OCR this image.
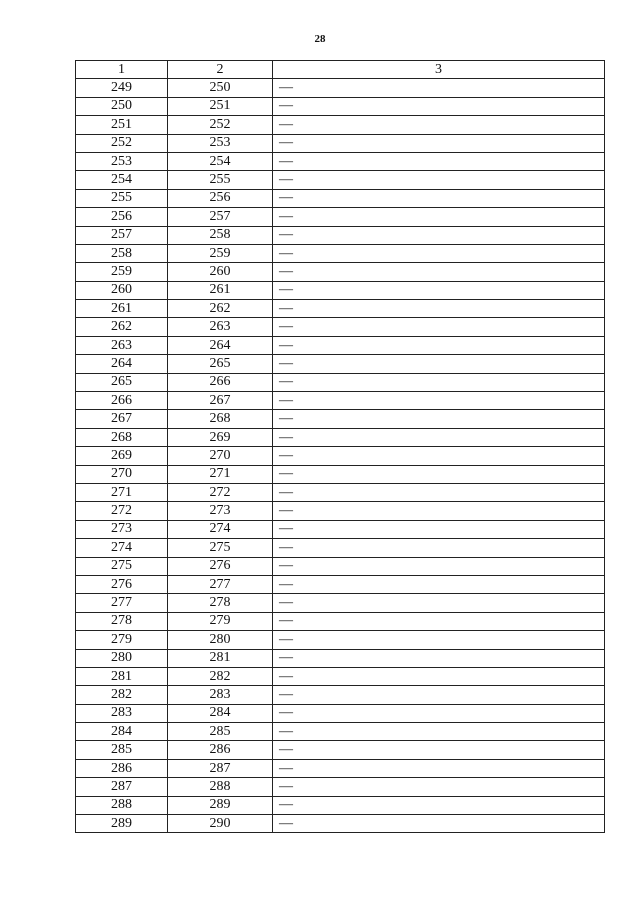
28
1	2	3
249	250	—
250	251	—
251	252	—
252	253	—
253	254	—
254	255	—
255	256	—
256	257	—
257	258	—
258	259	—
259	260	—
260	261	—
261	262	—
262	263	—
263	264	—
264	265	—
265	266	—
266	267	—
267	268	—
268	269	—
269	270	—
270	271	—
271	272	—
272	273	—
273	274	—
274	275	—
275	276	—
276	277	—
277	278	—
278	279	—
279	280	—
280	281	—
281	282	—
282	283	—
283	284	—
284	285	—
285	286	—
286	287	—
287	288	—
288	289	—
289	290	—
